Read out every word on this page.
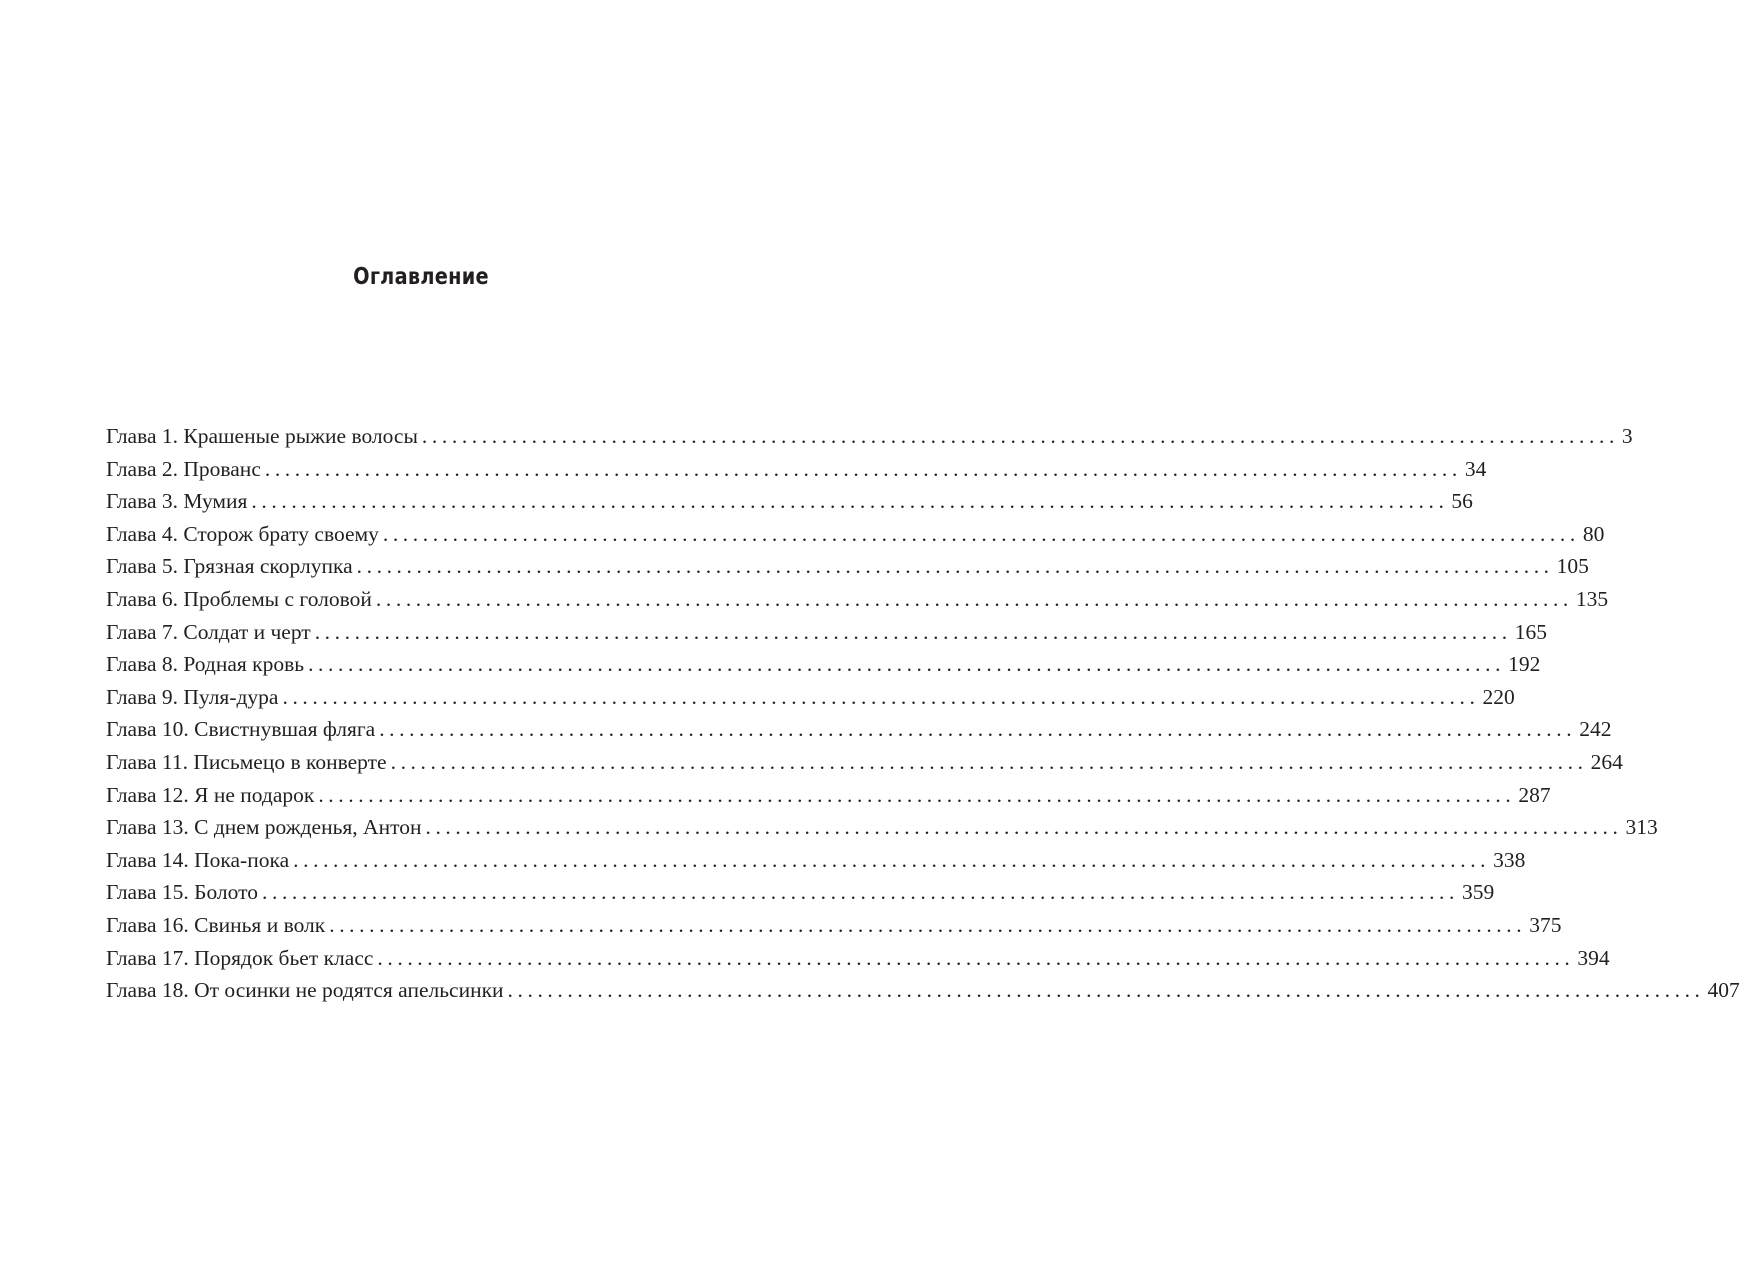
Оглавление
Глава 1. Крашеные рыжие волосы ........................................................................................................................ 3
Глава 2. Прованс ........................................................................................................................ 34
Глава 3. Мумия ........................................................................................................................ 56
Глава 4. Сторож брату своему ........................................................................................................................ 80
Глава 5. Грязная скорлупка ........................................................................................................................ 105
Глава 6. Проблемы с головой ........................................................................................................................ 135
Глава 7. Солдат и черт ........................................................................................................................ 165
Глава 8. Родная кровь ........................................................................................................................ 192
Глава 9. Пуля-дура ........................................................................................................................ 220
Глава 10. Свистнувшая фляга ........................................................................................................................ 242
Глава 11. Письмецо в конверте ........................................................................................................................ 264
Глава 12. Я не подарок ........................................................................................................................ 287
Глава 13. С днем рожденья, Антон ........................................................................................................................ 313
Глава 14. Пока-пока ........................................................................................................................ 338
Глава 15. Болото ........................................................................................................................ 359
Глава 16. Свинья и волк ........................................................................................................................ 375
Глава 17. Порядок бьет класс ........................................................................................................................ 394
Глава 18. От осинки не родятся апельсинки ........................................................................................................................ 407
